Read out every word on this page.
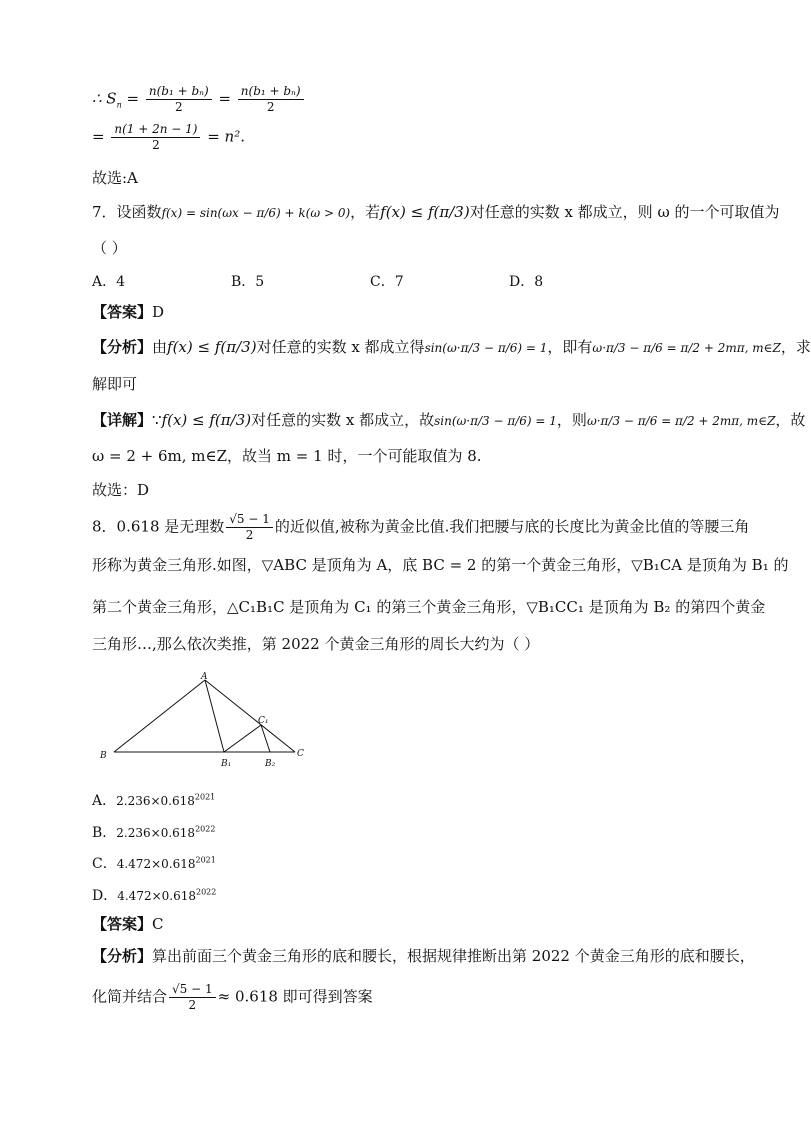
∴ $S_n = \frac{\text{n(b₁ + bₙ)}}{2} = \frac{\text{n(b₁ + bₙ)}}{2}$
= $\frac{n(1 + 2n - 1)}{2} = n^2$.
故选:A
7．设函数f(x) = sin(ωx − π/6) + k(ω > 0)，若f(x) ≤ f(π/3)对任意的实数 x 都成立，则 ω 的一个可取值为
（ ）
A．4	B．5	C．7	D．8
【答案】D
【分析】由f(x) ≤ f(π/3)对任意的实数 x 都成立得sin(ω·π/3 − π/6) = 1，即有ω·π/3 − π/6 = π/2 + 2mπ, m∈Z，求
解即可
【详解】∵f(x) ≤ f(π/3)对任意的实数 x 都成立，故sin(ω·π/3 − π/6) = 1，则ω·π/3 − π/6 = π/2 + 2mπ, m∈Z，故
ω = 2 + 6m, m∈Z，故当 m = 1 时，一个可能取值为 8.
故选：D
8．0.618 是无理数 $\frac{√5 - 1}{2}$ 的近似值,被称为黄金比值.我们把腰与底的长度比为黄金比值的等腰三角
形称为黄金三角形.如图，▽ABC 是顶角为 A，底 BC = 2 的第一个黄金三角形，▽B₁CA 是顶角为 B₁ 的
第二个黄金三角形，△C₁B₁C 是顶角为 C₁ 的第三个黄金三角形，▽B₁CC₁ 是顶角为 B₂ 的第四个黄金
三角形…,那么依次类推，第 2022 个黄金三角形的周长大约为（ ）
A
B	C
B₁	B₂
C₁
A．$2.236\times 0.618^{2021}$
B．$2.236\times 0.618^{2022}$
C．$4.472\times 0.618^{2021}$
D．$4.472\times 0.618^{2022}$
【答案】C
【分析】算出前面三个黄金三角形的底和腰长，根据规律推断出第 2022 个黄金三角形的底和腰长，
化简并结合 $\frac{√5 - 1}{2} \approx 0.618$ 即可得到答案
